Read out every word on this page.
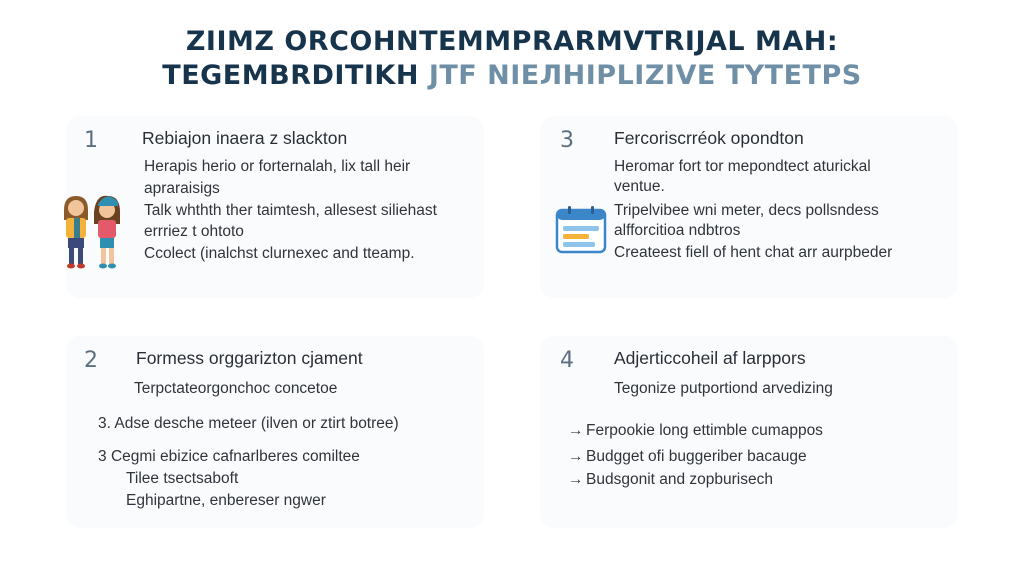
ZIIMZ ORCOHNTEMMPRARMVTRIJAL MAH:
TEGEMBRDITIKH JTF NIEЛHIPLIZIVE TYTETPS
1	Rebiajon inaera z slackton
Herapis herio or forternalah, lix tall heir
apraraisigs
Talk whthth ther taimtesh, allesest siliehast
errriez t ohtoto
Ccolect (inalchst clurnexec and tteamp.
3 Fercoriscrréok opondton
Heromar fort tor mepondtect aturickal
ventue.
Tripelvibee wni meter, decs pollsndess
alfforcitioa ndbtros
Createest fiell of hent chat arr aurpbeder
2 Formess orggarizton cjament
Terpctateorgonchoc concetoe
3. Adse desche meteer (ilven or ztirt botree)
3 Cegmi ebizice cafnarlberes comiltee
Tilee tsectsaboft
Eghipartne, enbereser ngwer
4 Adjerticcoheil af larppors
Tegonize putportiond arvedizing
→ Ferpookie long ettimble cumappos
→ Budgget ofi buggeriber bacauge
→ Budsgonit and zopburisech
